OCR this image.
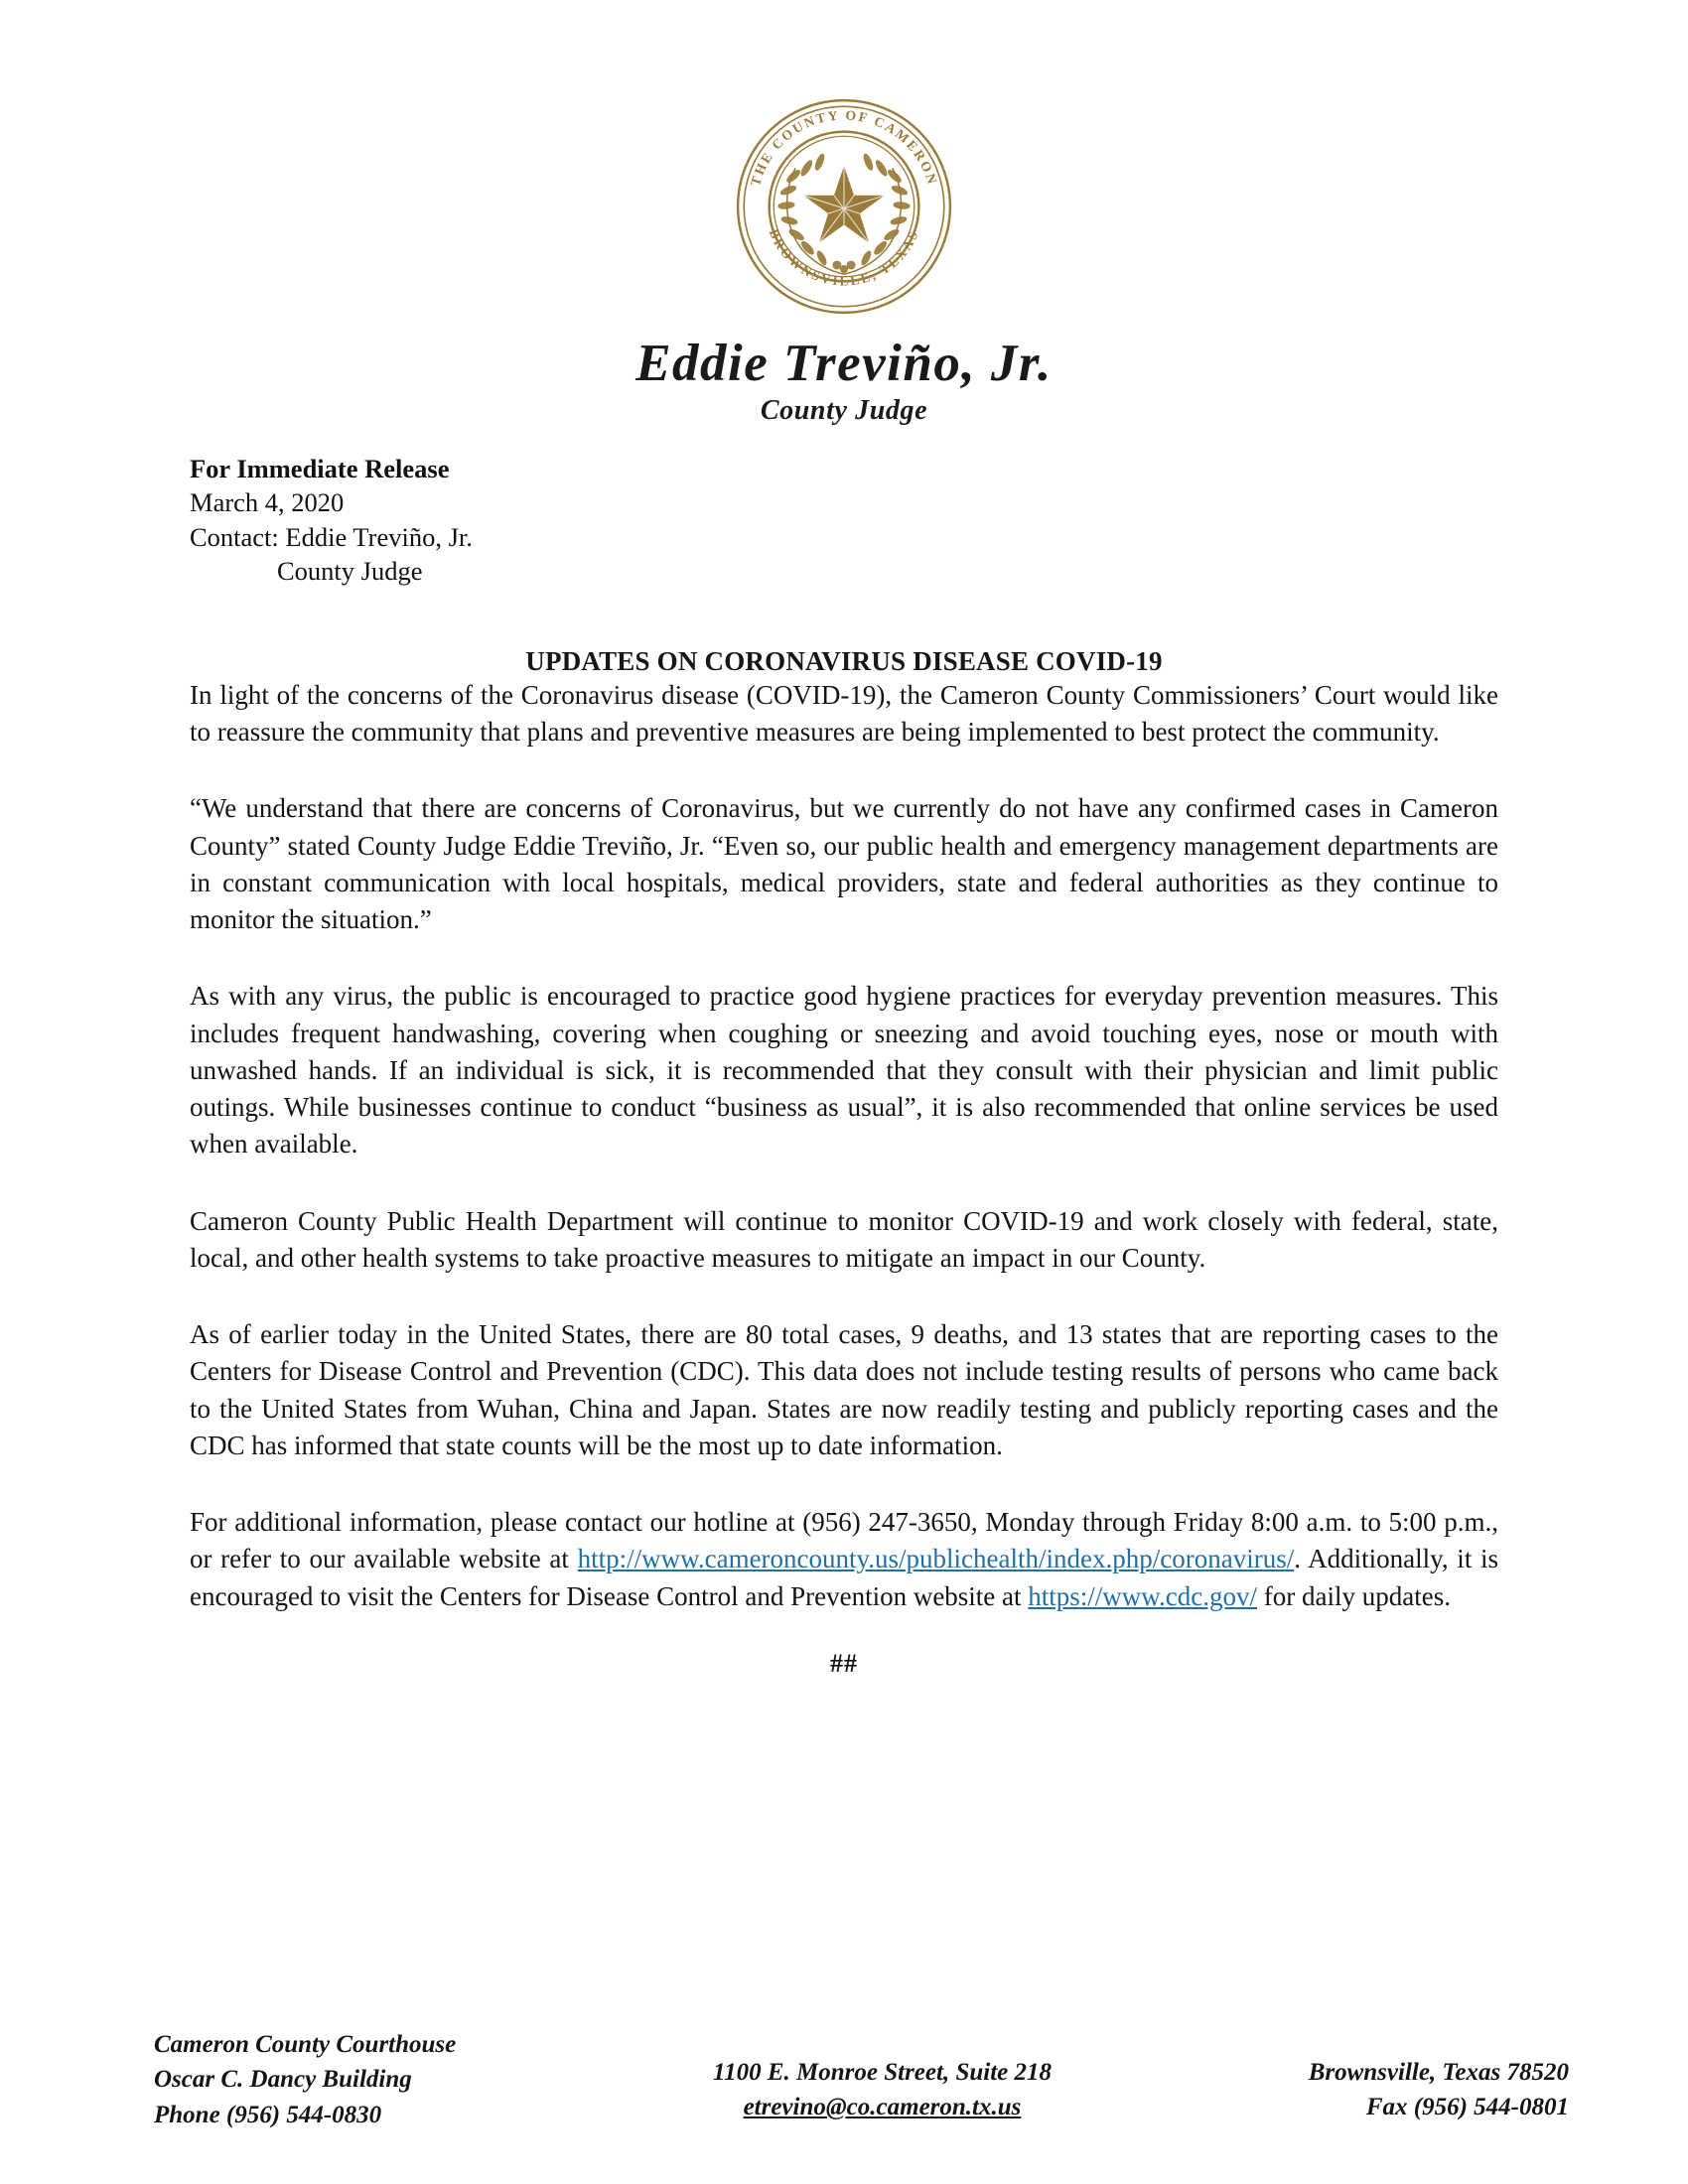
THE COUNTY OF CAMERON
BROWNSVILLE, TEXAS
Eddie Treviño, Jr.
County Judge
For Immediate Release
March 4, 2020
Contact: Eddie Treviño, Jr.
County Judge
UPDATES ON CORONAVIRUS DISEASE COVID-19

In light of the concerns of the Coronavirus disease (COVID-19), the Cameron County Commissioners’ Court would like to reassure the community that plans and preventive measures are being implemented to best protect the community.

“We understand that there are concerns of Coronavirus, but we currently do not have any confirmed cases in Cameron County” stated County Judge Eddie Treviño, Jr. “Even so, our public health and emergency management departments are in constant communication with local hospitals, medical providers, state and federal authorities as they continue to monitor the situation.”

As with any virus, the public is encouraged to practice good hygiene practices for everyday prevention measures. This includes frequent handwashing, covering when coughing or sneezing and avoid touching eyes, nose or mouth with unwashed hands. If an individual is sick, it is recommended that they consult with their physician and limit public outings. While businesses continue to conduct “business as usual”, it is also recommended that online services be used when available.

Cameron County Public Health Department will continue to monitor COVID-19 and work closely with federal, state, local, and other health systems to take proactive measures to mitigate an impact in our County.

As of earlier today in the United States, there are 80 total cases, 9 deaths, and 13 states that are reporting cases to the Centers for Disease Control and Prevention (CDC). This data does not include testing results of persons who came back to the United States from Wuhan, China and Japan. States are now readily testing and publicly reporting cases and the CDC has informed that state counts will be the most up to date information.

For additional information, please contact our hotline at (956) 247-3650, Monday through Friday 8:00 a.m. to 5:00 p.m., or refer to our available website at http://www.cameroncounty.us/publichealth/index.php/coronavirus/. Additionally, it is encouraged to visit the Centers for Disease Control and Prevention website at https://www.cdc.gov/ for daily updates.

##
Cameron County Courthouse
Oscar C. Dancy Building
Phone (956) 544-0830
1100 E. Monroe Street, Suite 218
etrevino@co.cameron.tx.us
Brownsville, Texas 78520
Fax (956) 544-0801
